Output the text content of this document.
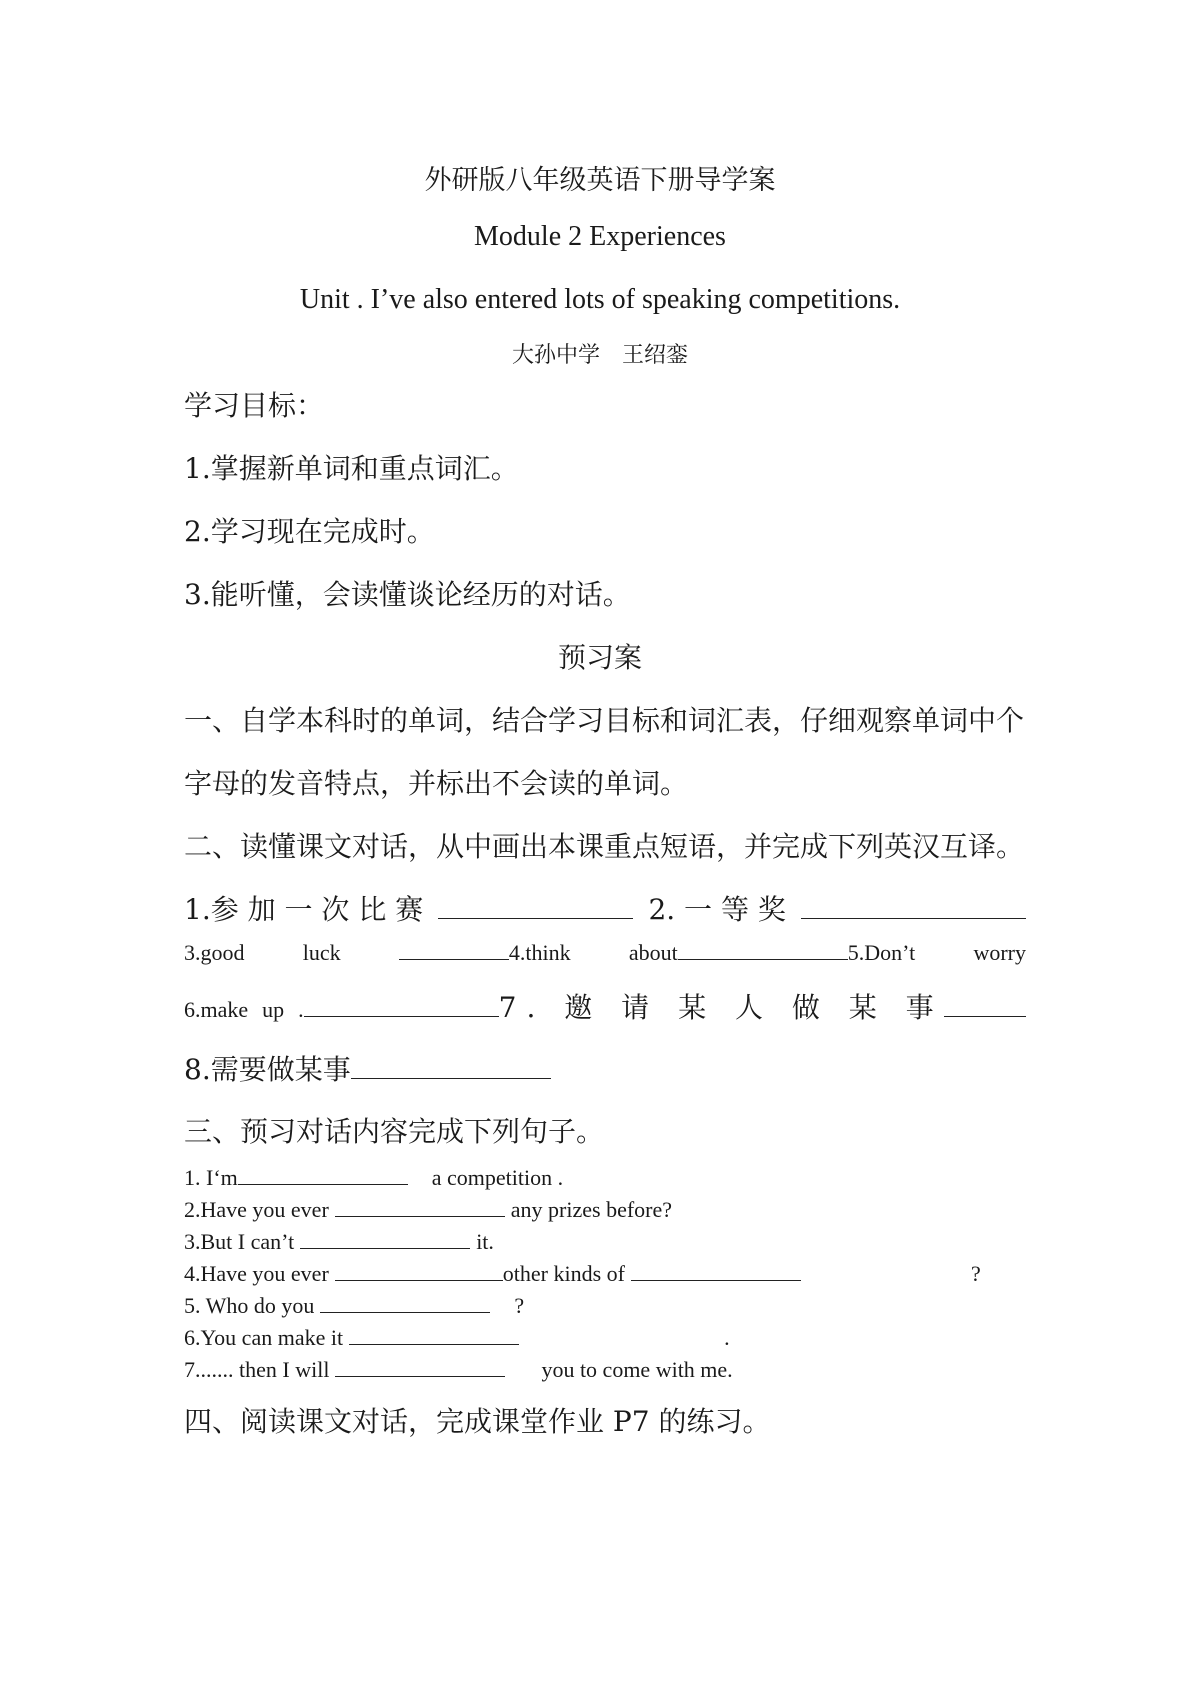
外研版八年级英语下册导学案
Module 2 Experiences
Unit . I’ve also entered lots of speaking competitions.
大孙中学　王绍銮
学习目标：
1.掌握新单词和重点词汇。
2.学习现在完成时。
3.能听懂，会读懂谈论经历的对话。
预习案
一、自学本科时的单词，结合学习目标和词汇表，仔细观察单词中个
字母的发音特点，并标出不会读的单词。
二、读懂课文对话，从中画出本课重点短语，并完成下列英汉互译。
1.参 加 一 次 比 赛	2. 一 等 奖
3.good	luck	4.think	about	5.Don’t	worry
6.make up .	7. 邀 请 某 人 做 某 事
8.需要做某事
三、预习对话内容完成下列句子。
1. I‘m	a competition .
2.Have you ever	any prizes before?
3.But I can’t	it.
4.Have you ever	other kinds of	?
5. Who do you	?
6.You can make it	.
7....... then I will	you to come with me.
四、阅读课文对话，完成课堂作业 P7 的练习。
